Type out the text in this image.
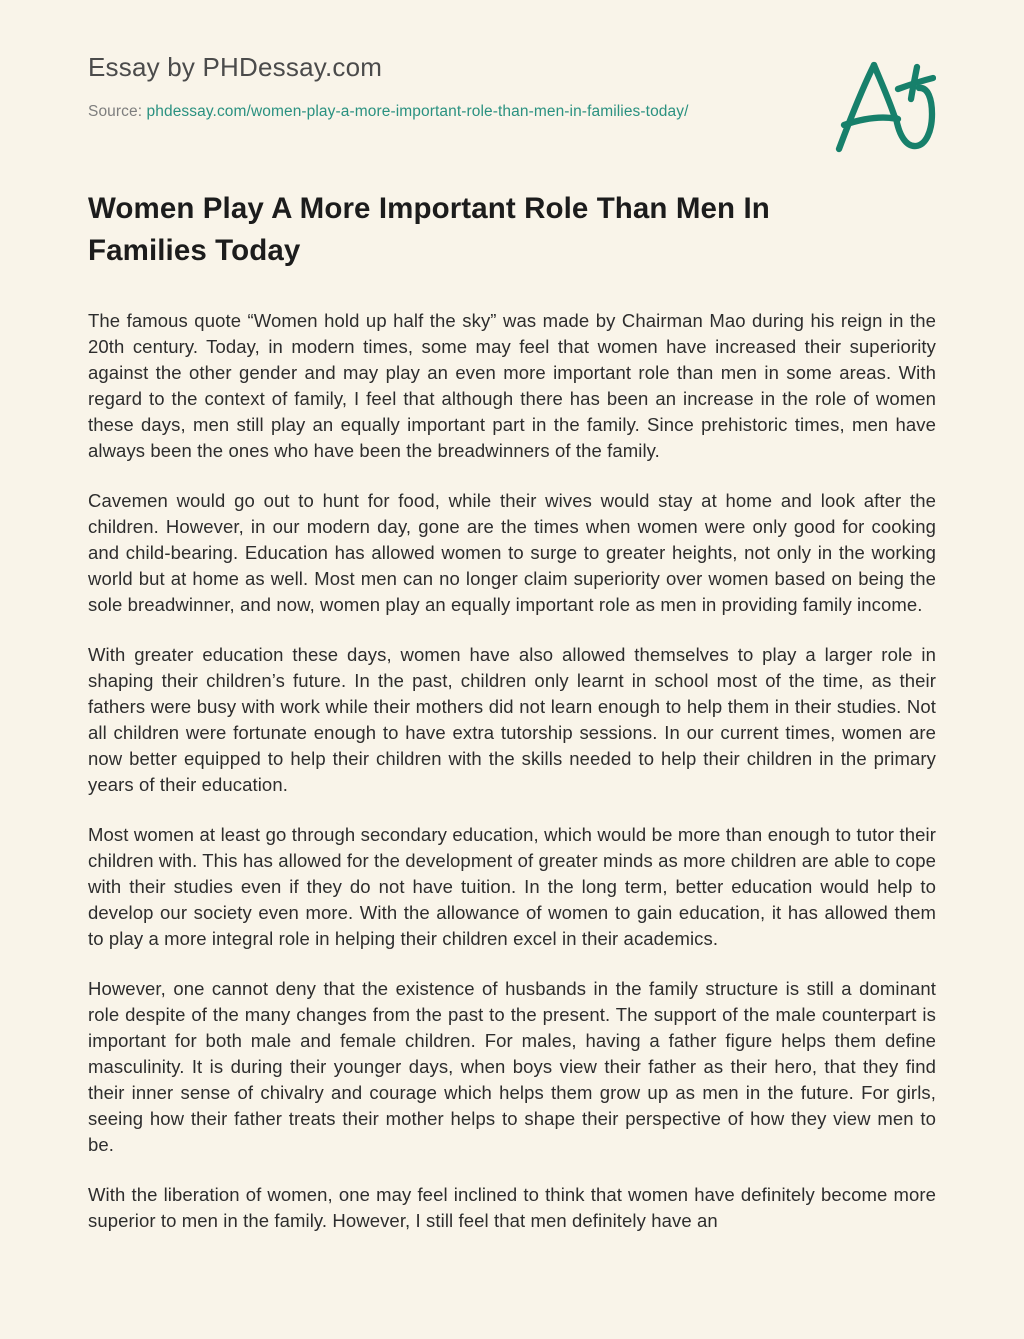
Essay by PHDessay.com
Source: phdessay.com/women-play-a-more-important-role-than-men-in-families-today/
Women Play A More Important Role Than Men In Families Today

The famous quote “Women hold up half the sky” was made by Chairman Mao during his reign in the 20th century. Today, in modern times, some may feel that women have increased their superiority against the other gender and may play an even more important role than men in some areas. With regard to the context of family, I feel that although there has been an increase in the role of women these days, men still play an equally important part in the family. Since prehistoric times, men have always been the ones who have been the breadwinners of the family.

Cavemen would go out to hunt for food, while their wives would stay at home and look after the children. However, in our modern day, gone are the times when women were only good for cooking and child-bearing. Education has allowed women to surge to greater heights, not only in the working world but at home as well. Most men can no longer claim superiority over women based on being the sole breadwinner, and now, women play an equally important role as men in providing family income.

With greater education these days, women have also allowed themselves to play a larger role in shaping their children’s future. In the past, children only learnt in school most of the time, as their fathers were busy with work while their mothers did not learn enough to help them in their studies. Not all children were fortunate enough to have extra tutorship sessions. In our current times, women are now better equipped to help their children with the skills needed to help their children in the primary years of their education.

Most women at least go through secondary education, which would be more than enough to tutor their children with. This has allowed for the development of greater minds as more children are able to cope with their studies even if they do not have tuition. In the long term, better education would help to develop our society even more. With the allowance of women to gain education, it has allowed them to play a more integral role in helping their children excel in their academics.

However, one cannot deny that the existence of husbands in the family structure is still a dominant role despite of the many changes from the past to the present. The support of the male counterpart is important for both male and female children. For males, having a father figure helps them define masculinity. It is during their younger days, when boys view their father as their hero, that they find their inner sense of chivalry and courage which helps them grow up as men in the future. For girls, seeing how their father treats their mother helps to shape their perspective of how they view men to be.

With the liberation of women, one may feel inclined to think that women have definitely become more superior to men in the family. However, I still feel that men definitely have an
